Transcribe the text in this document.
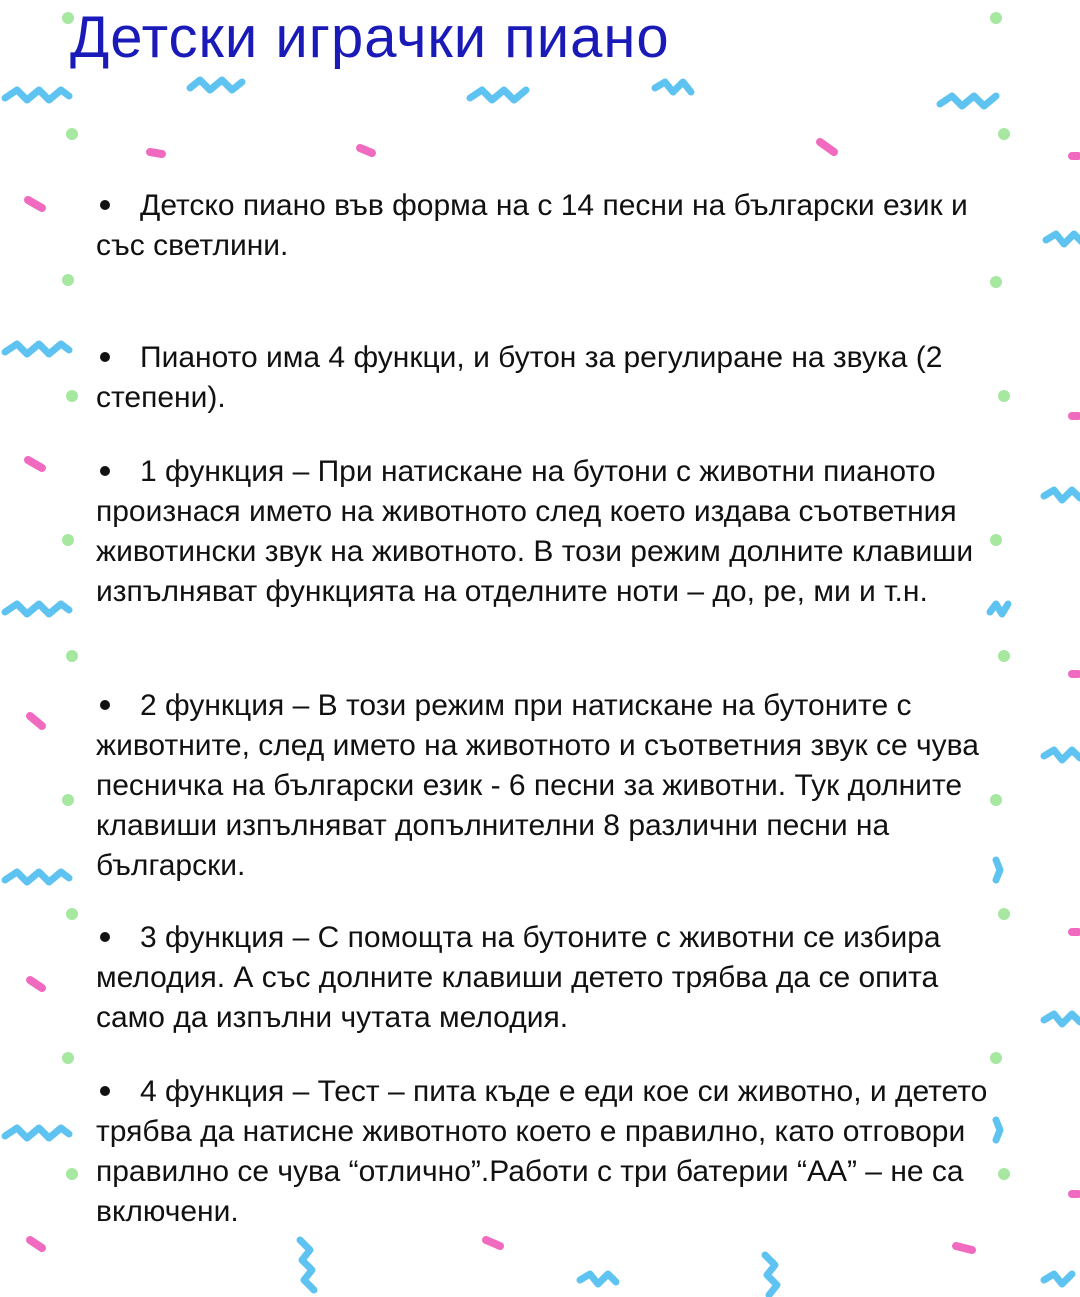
Детски играчки пиано
Детско пиано във форма на с 14 песни на български език и със светлини.
Пианото има 4 функци, и бутон за регулиране на звука (2 степени).
1 функция – При натискане на бутони с животни пианото произнася името на животното след което издава съответния животински звук на животното. В този режим долните клавиши изпълняват функцията на отделните ноти – до, ре, ми и т.н.
2 функция – В този режим при натискане на бутоните с животните, след името на животното и съответния звук се чува песничка на български език - 6 песни за животни. Тук долните клавиши изпълняват допълнителни 8 различни песни на български.
3 функция – С помощта на бутоните с животни се избира мелодия. А със долните клавиши детето трябва да се опита само да изпълни чутата мелодия.
4 функция – Тест – пита къде е еди кое си животно, и детето трябва да натисне животното което е правилно, като отговори правилно се чува “отлично”.Работи с три батерии “АА” – не са включени.
